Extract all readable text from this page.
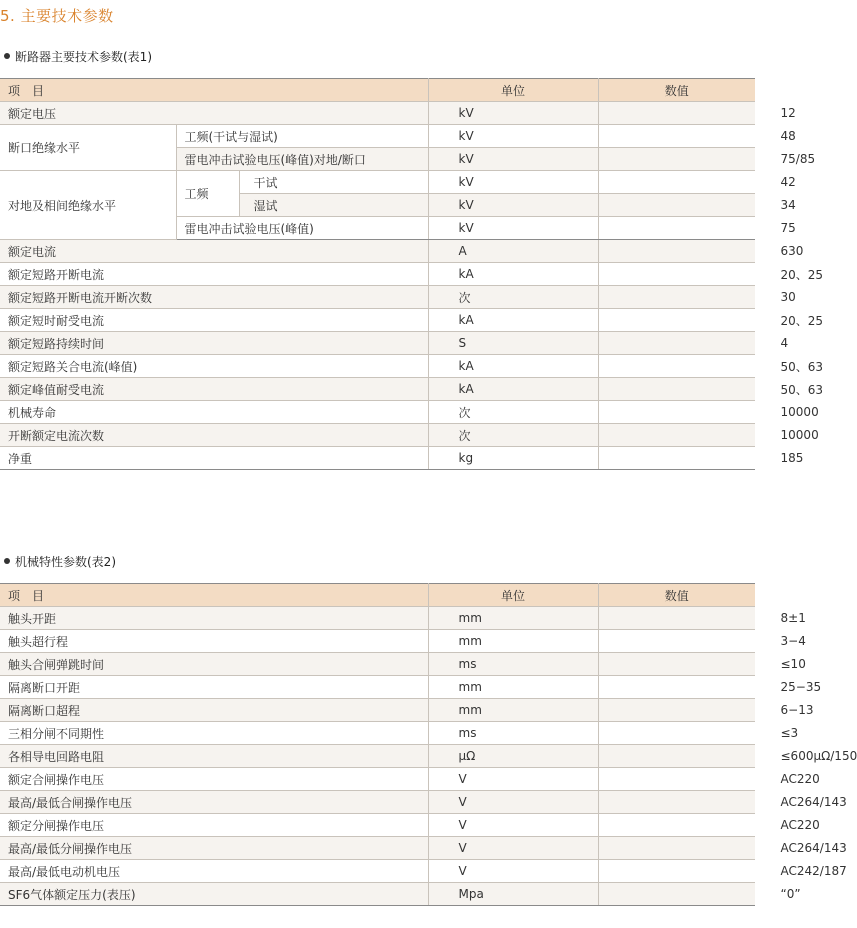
5. 主要技术参数
断路器主要技术参数(表1)
项　目			单位	数值
额定电压			kV	12
断口绝缘水平	工频(干试与湿试)		kV	48
	雷电冲击试验电压(峰值)对地/断口		kV	75/85
对地及相间绝缘水平	工频	干试	kV	42
		湿试	kV	34
	雷电冲击试验电压(峰值)		kV	75
额定电流			A	630
额定短路开断电流			kA	20、25
额定短路开断电流开断次数			次	30
额定短时耐受电流			kA	20、25
额定短路持续时间			S	4
额定短路关合电流(峰值)			kA	50、63
额定峰值耐受电流			kA	50、63
机械寿命			次	10000
开断额定电流次数			次	10000
净重			kg	185
机械特性参数(表2)
项　目	单位	数值
触头开距	mm	8±1
触头超行程	mm	3−4
触头合闸弹跳时间	ms	≤10
隔离断口开距	mm	25−35
隔离断口超程	mm	6−13
三相分闸不同期性	ms	≤3
各相导电回路电阻	μΩ	≤600μΩ/150
额定合闸操作电压	V	AC220
最高/最低合闸操作电压	V	AC264/143
额定分闸操作电压	V	AC220
最高/最低分闸操作电压	V	AC264/143
最高/最低电动机电压	V	AC242/187
SF6气体额定压力(表压)	Mpa	“0”
